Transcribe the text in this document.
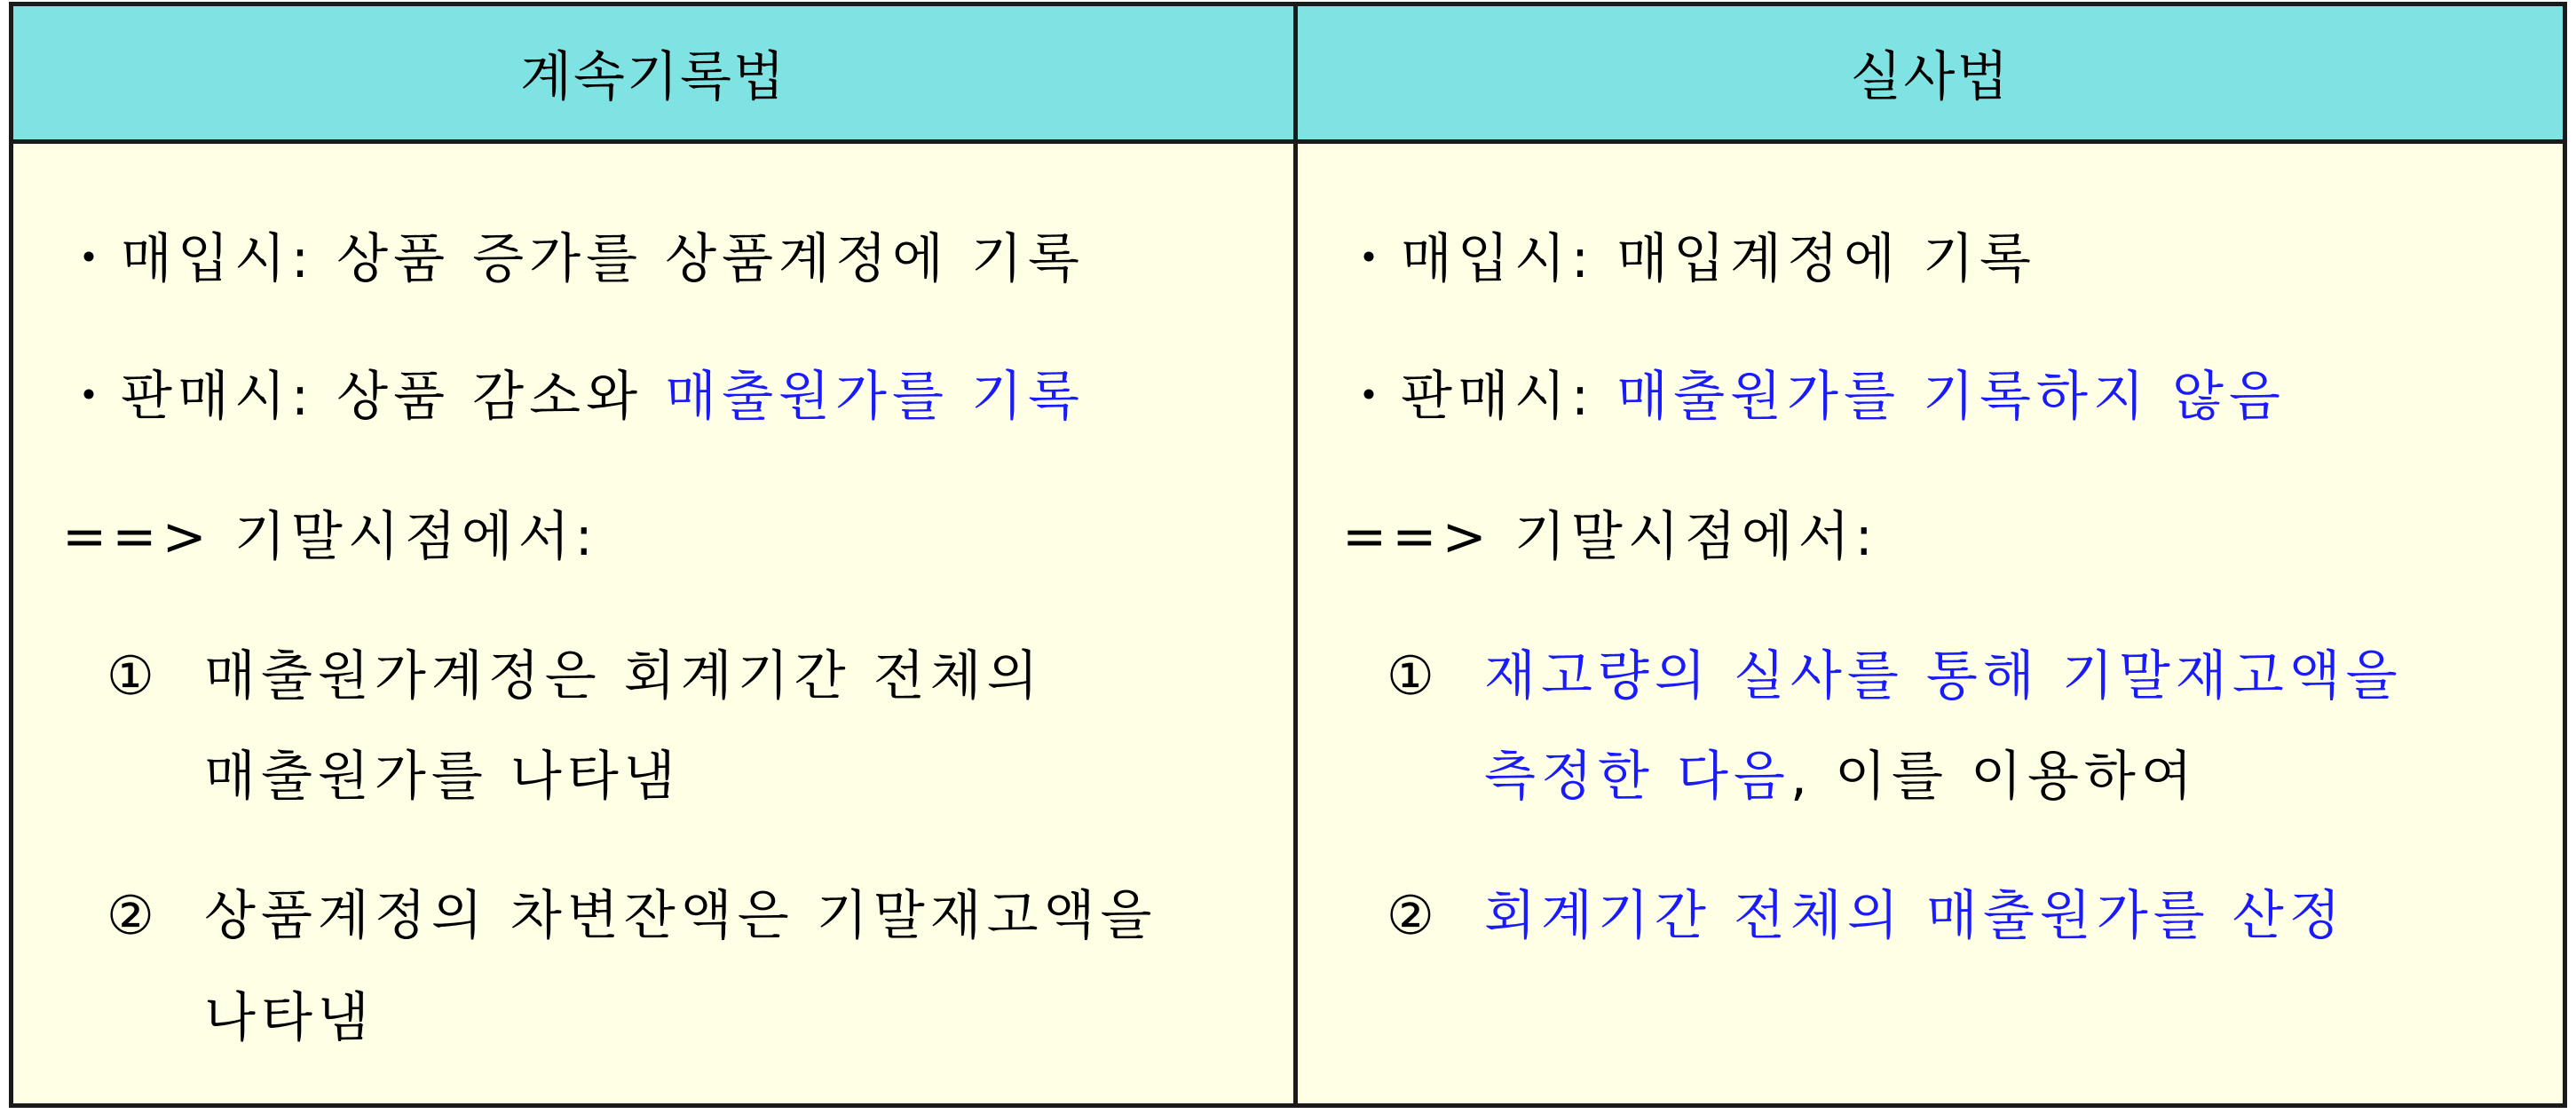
계속기록법	실사법
・매입시: 상품 증가를 상품계정에 기록
・판매시: 상품 감소와 매출원가를 기록
==> 기말시점에서:
① 매출원가계정은 회계기간 전체의
매출원가를 나타냄
② 상품계정의 차변잔액은 기말재고액을
나타냄
・매입시: 매입계정에 기록
・판매시: 매출원가를 기록하지 않음
==> 기말시점에서:
① 재고량의 실사를 통해 기말재고액을
측정한 다음, 이를 이용하여
② 회계기간 전체의 매출원가를 산정
